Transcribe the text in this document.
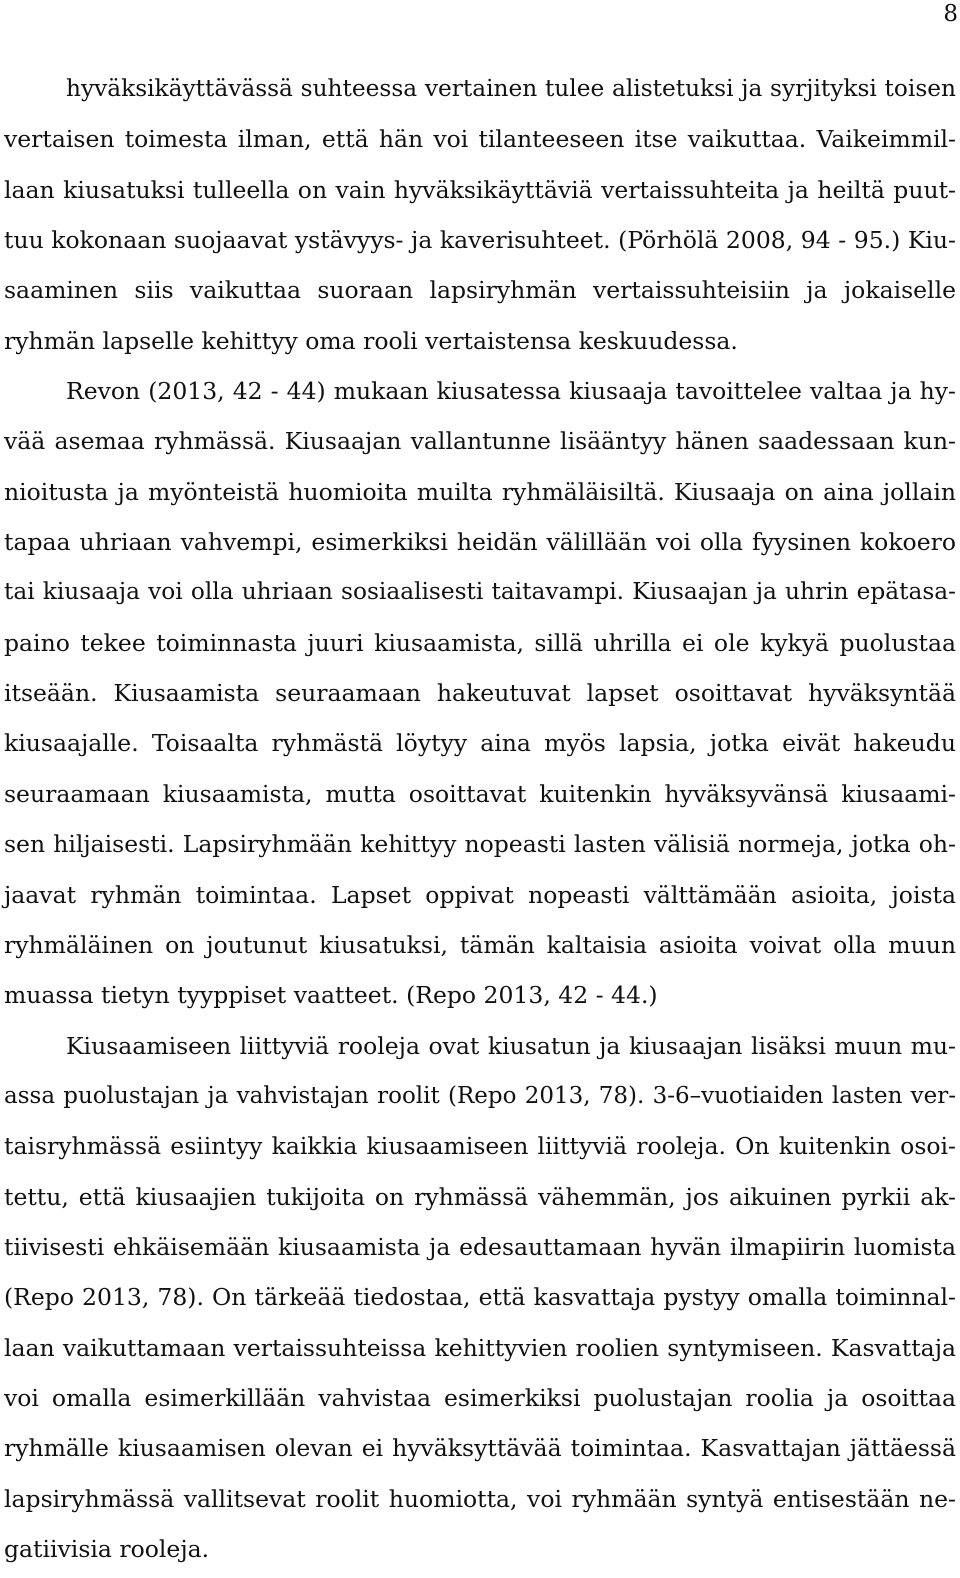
8
hyväksikäyttävässä suhteessa vertainen tulee alistetuksi ja syrjityksi toisen
vertaisen toimesta ilman, että hän voi tilanteeseen itse vaikuttaa. Vaikeimmil-
laan kiusatuksi tulleella on vain hyväksikäyttäviä vertaissuhteita ja heiltä puut-
tuu kokonaan suojaavat ystävyys- ja kaverisuhteet. (Pörhölä 2008, 94 - 95.) Kiu-
saaminen siis vaikuttaa suoraan lapsiryhmän vertaissuhteisiin ja jokaiselle
ryhmän lapselle kehittyy oma rooli vertaistensa keskuudessa.
Revon (2013, 42 - 44) mukaan kiusatessa kiusaaja tavoittelee valtaa ja hy-
vää asemaa ryhmässä. Kiusaajan vallantunne lisääntyy hänen saadessaan kun-
nioitusta ja myönteistä huomioita muilta ryhmäläisiltä. Kiusaaja on aina jollain
tapaa uhriaan vahvempi, esimerkiksi heidän välillään voi olla fyysinen kokoero
tai kiusaaja voi olla uhriaan sosiaalisesti taitavampi. Kiusaajan ja uhrin epätasa-
paino tekee toiminnasta juuri kiusaamista, sillä uhrilla ei ole kykyä puolustaa
itseään. Kiusaamista seuraamaan hakeutuvat lapset osoittavat hyväksyntää
kiusaajalle. Toisaalta ryhmästä löytyy aina myös lapsia, jotka eivät hakeudu
seuraamaan kiusaamista, mutta osoittavat kuitenkin hyväksyvänsä kiusaami-
sen hiljaisesti. Lapsiryhmään kehittyy nopeasti lasten välisiä normeja, jotka oh-
jaavat ryhmän toimintaa. Lapset oppivat nopeasti välttämään asioita, joista
ryhmäläinen on joutunut kiusatuksi, tämän kaltaisia asioita voivat olla muun
muassa tietyn tyyppiset vaatteet. (Repo 2013, 42 - 44.)
Kiusaamiseen liittyviä rooleja ovat kiusatun ja kiusaajan lisäksi muun mu-
assa puolustajan ja vahvistajan roolit (Repo 2013, 78). 3-6–vuotiaiden lasten ver-
taisryhmässä esiintyy kaikkia kiusaamiseen liittyviä rooleja. On kuitenkin osoi-
tettu, että kiusaajien tukijoita on ryhmässä vähemmän, jos aikuinen pyrkii ak-
tiivisesti ehkäisemään kiusaamista ja edesauttamaan hyvän ilmapiirin luomista
(Repo 2013, 78). On tärkeää tiedostaa, että kasvattaja pystyy omalla toiminnal-
laan vaikuttamaan vertaissuhteissa kehittyvien roolien syntymiseen. Kasvattaja
voi omalla esimerkillään vahvistaa esimerkiksi puolustajan roolia ja osoittaa
ryhmälle kiusaamisen olevan ei hyväksyttävää toimintaa. Kasvattajan jättäessä
lapsiryhmässä vallitsevat roolit huomiotta, voi ryhmään syntyä entisestään ne-
gatiivisia rooleja.
